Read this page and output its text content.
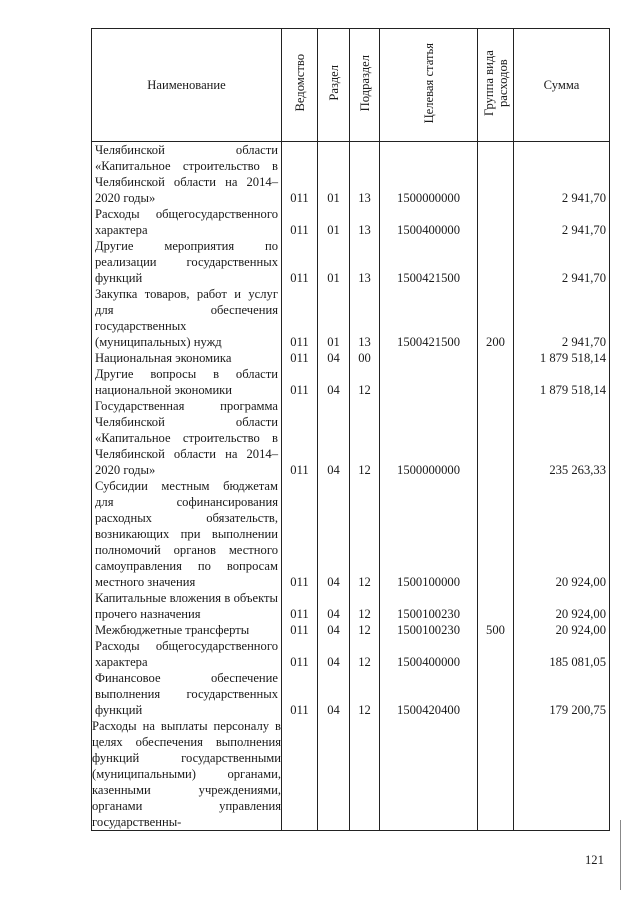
Наименование	Ведомство	Раздел	Подраздел	Целевая статья	Группа вида расходов	Сумма
Челябинской области «Капитальное строительство в Челябинской области на 2014–2020 годы»	011	01	13	1500000000		2 941,70
Расходы общегосударственного характера	011	01	13	1500400000		2 941,70
Другие мероприятия по реализации государственных функций	011	01	13	1500421500		2 941,70
Закупка товаров, работ и услуг для обеспечения государственных (муниципальных) нужд	011	01	13	1500421500	200	2 941,70
Национальная экономика	011	04	00			1 879 518,14
Другие вопросы в области национальной экономики	011	04	12			1 879 518,14
Государственная программа Челябинской области «Капитальное строительство в Челябинской области на 2014–2020 годы»	011	04	12	1500000000		235 263,33
Субсидии местным бюджетам для софинансирования расходных обязательств, возникающих при выполнении полномочий органов местного самоуправления по вопросам местного значения	011	04	12	1500100000		20 924,00
Капитальные вложения в объекты прочего назначения	011	04	12	1500100230		20 924,00
Межбюджетные трансферты	011	04	12	1500100230	500	20 924,00
Расходы общегосударственного характера	011	04	12	1500400000		185 081,05
Финансовое обеспечение выполнения государственных функций	011	04	12	1500420400		179 200,75
Расходы на выплаты персоналу в целях обеспечения выполнения функций государственными (муниципальными) органами, казенными учреждениями, органами управления государственны-						
121
